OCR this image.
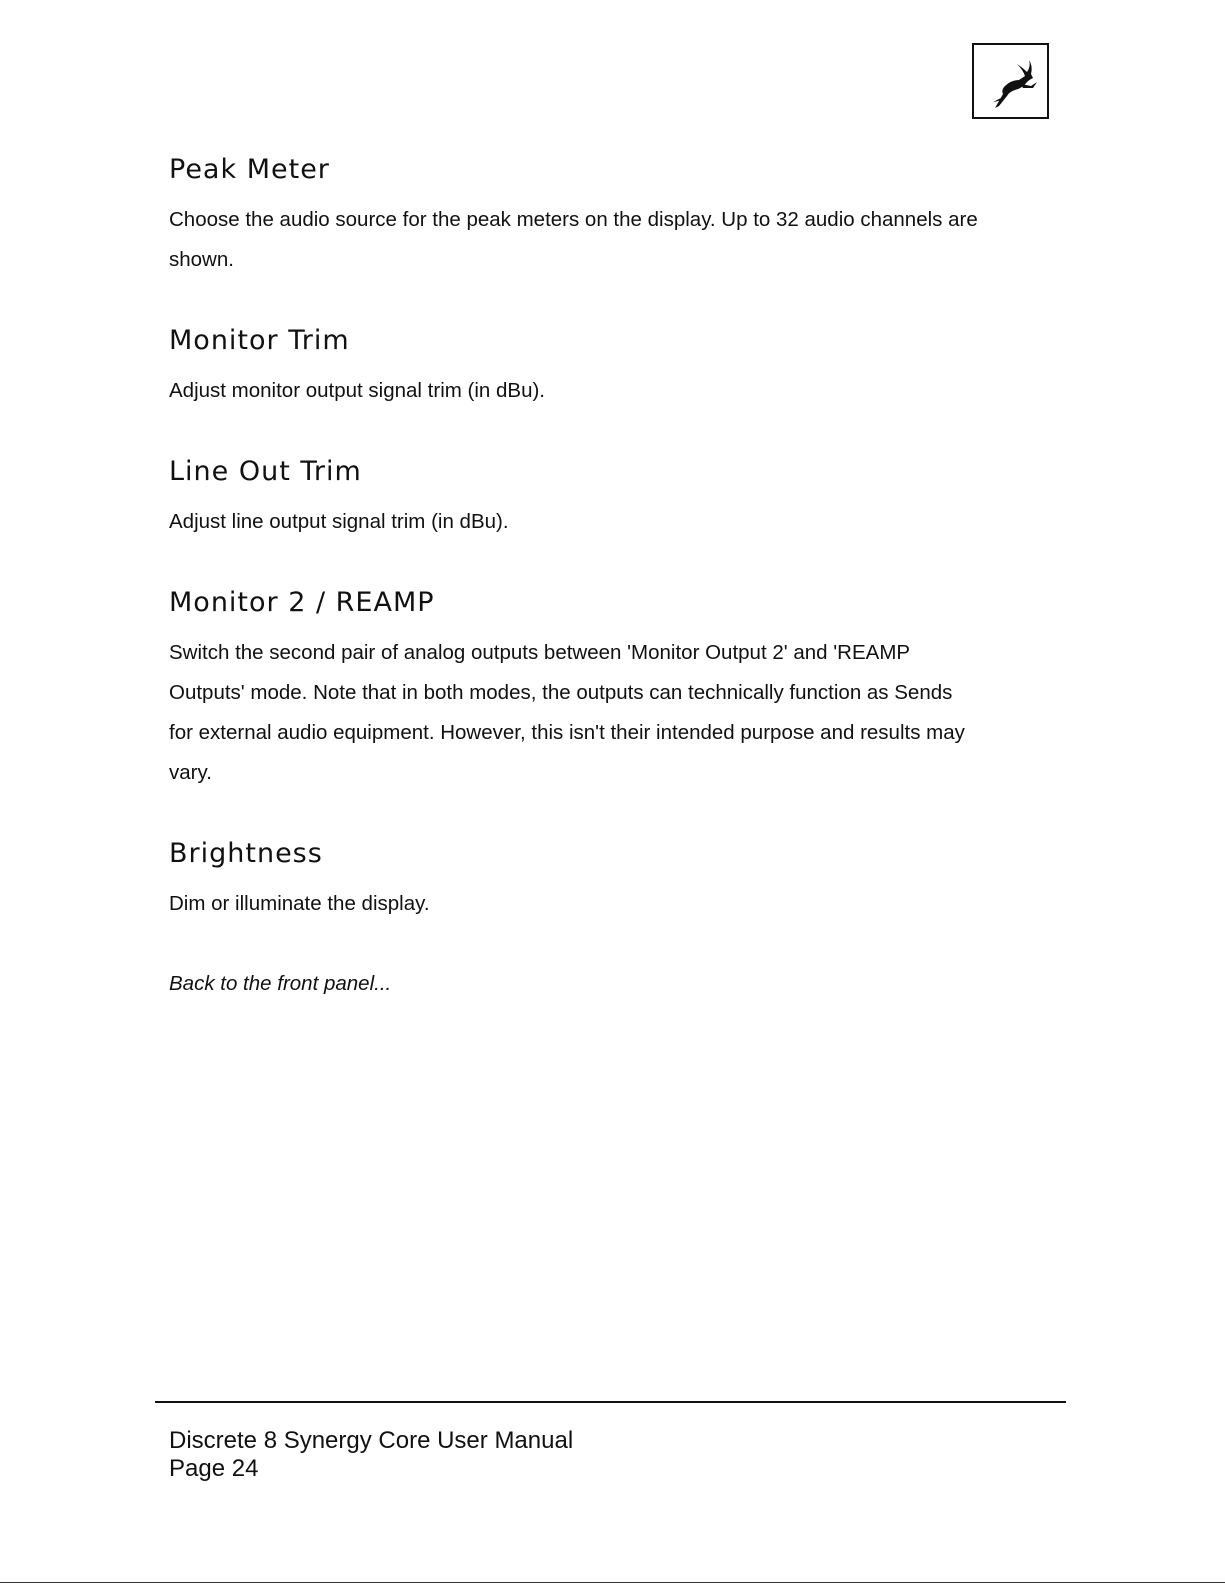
Peak Meter

Choose the audio source for the peak meters on the display. Up to 32 audio channels are

shown.

Monitor Trim

Adjust monitor output signal trim (in dBu).

Line Out Trim

Adjust line output signal trim (in dBu).

Monitor 2 / REAMP

Switch the second pair of analog outputs between 'Monitor Output 2' and 'REAMP

Outputs' mode. Note that in both modes, the outputs can technically function as Sends

for external audio equipment. However, this isn't their intended purpose and results may

vary.

Brightness

Dim or illuminate the display.

Back to the front panel...

Discrete 8 Synergy Core User Manual
Page 24
